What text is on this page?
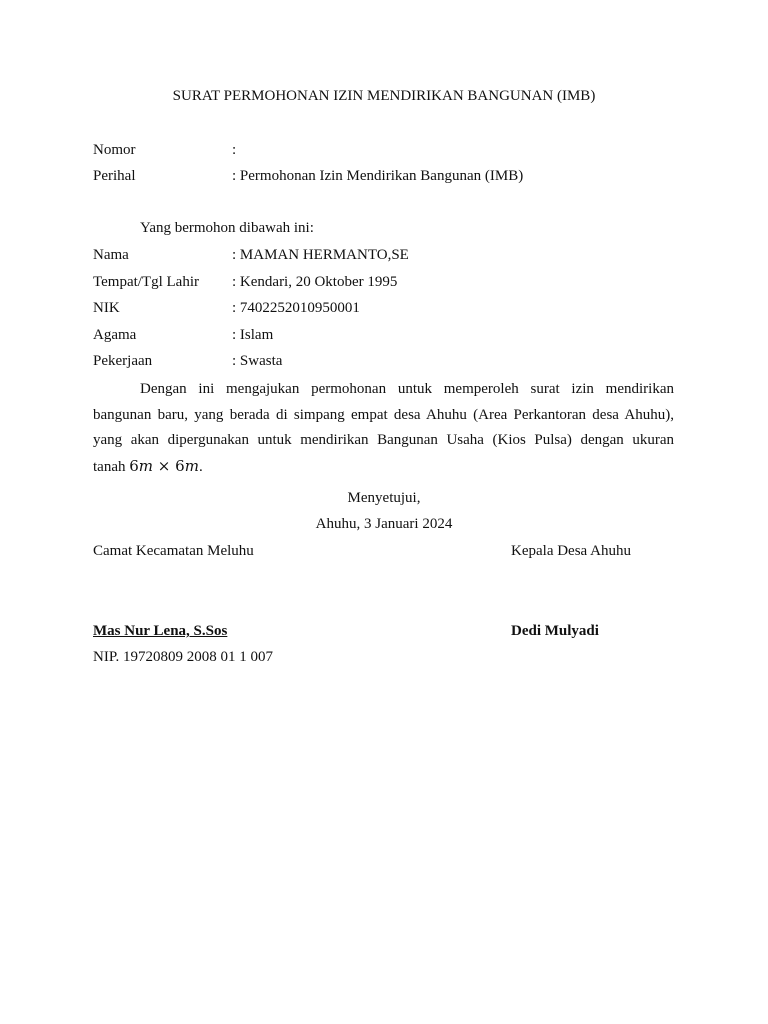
SURAT PERMOHONAN IZIN MENDIRIKAN BANGUNAN (IMB)
Nomor	:
Perihal	: Permohonan Izin Mendirikan Bangunan (IMB)
Yang bermohon dibawah ini:
Nama	: MAMAN HERMANTO,SE
Tempat/Tgl Lahir : Kendari, 20 Oktober 1995
NIK	: 7402252010950001
Agama	: Islam
Pekerjaan	: Swasta
Dengan ini mengajukan permohonan untuk memperoleh surat izin mendirikan
bangunan baru, yang berada di simpang empat desa Ahuhu (Area Perkantoran desa Ahuhu),
yang akan dipergunakan untuk mendirikan Bangunan Usaha (Kios Pulsa) dengan ukuran
tanah 6m × 6m.
Menyetujui,
Ahuhu, 3 Januari 2024
Camat Kecamatan Meluhu	Kepala Desa Ahuhu
Mas Nur Lena, S.Sos	Dedi Mulyadi
NIP. 19720809 2008 01 1 007
